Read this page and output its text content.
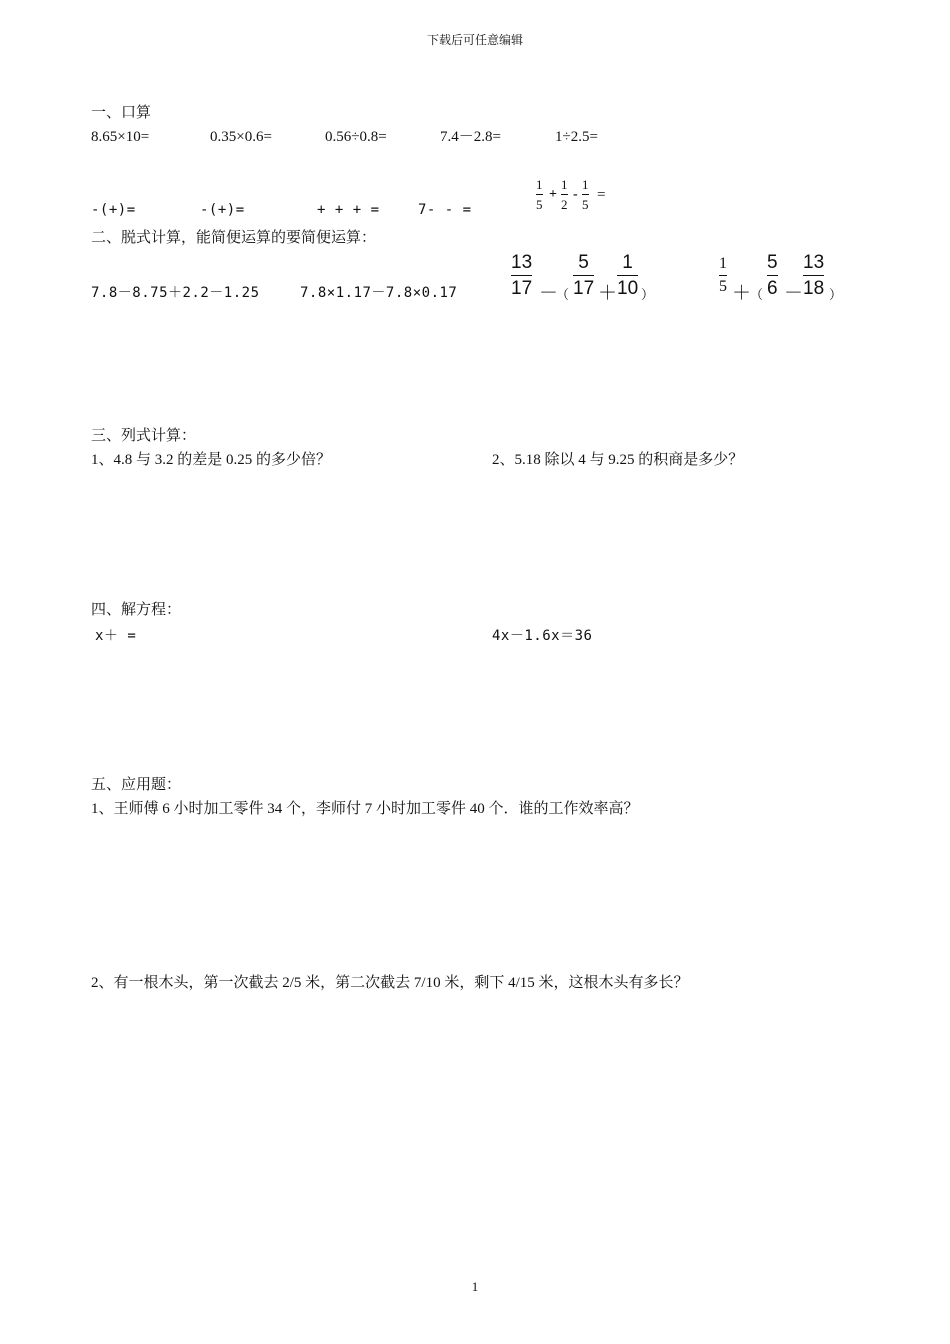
下载后可任意编辑
一、口算
8.65×10=	0.35×0.6=	0.56÷0.8=	7.4－2.8=	1÷2.5=
-(+)=	-(+)=	+ + + =	7- - =
1
5
+
1
2
-
1
5
=
二、脱式计算，能简便运算的要简便运算：
7.8－8.75＋2.2－1.25	7.8×1.17－7.8×0.17
13
17 －
（
5
17 ＋
1
10 ）
1
5 ＋
（
5
6 －
13
18 ）
三、列式计算：
1、4.8 与 3.2 的差是 0.25 的多少倍？	2、5.18 除以 4 与 9.25 的积商是多少？
四、解方程：
x＋ =	4x－1.6x＝36
五、应用题：
1、王师傅 6 小时加工零件 34 个，李师付 7 小时加工零件 40 个．谁的工作效率高？
2、有一根木头，第一次截去 2/5 米，第二次截去 7/10 米，剩下 4/15 米，这根木头有多长？
1
